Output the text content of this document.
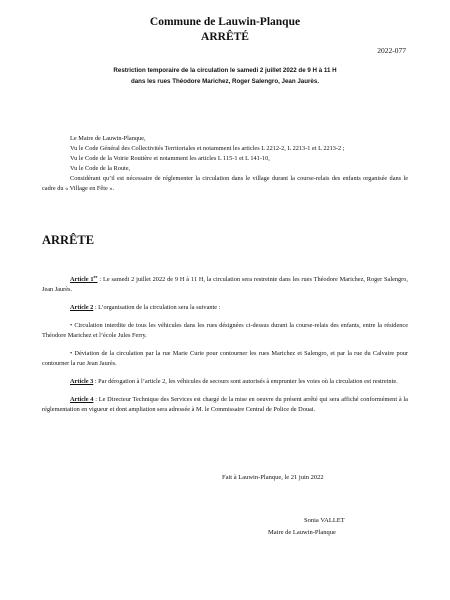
Commune de Lauwin-Planque
ARRÊTÉ
2022-077
Restriction temporaire de la circulation le samedi 2 juillet 2022 de 9 H à 11 H
dans les rues Théodore Marichez, Roger Salengro, Jean Jaurès.

Le Maire de Lauwin-Planque,

Vu le Code Général des Collectivités Territoriales et notamment les articles L 2212-2, L 2213-1 et L 2213-2 ;

Vu le Code de la Voirie Routière et notamment les articles L 115-1 et L 141-10,

Vu le Code de la Route,

Considérant qu’il est nécessaire de réglementer la circulation dans le village durant la course-relais des enfants organisée dans le cadre du « Village en Fête ».

ARRÊTE

Article 1er : Le samedi 2 juillet 2022 de 9 H à 11 H, la circulation sera restreinte dans les rues Théodore Marichez, Roger Salengro, Jean Jaurès.

Article 2 : L’organisation de la circulation sera la suivante :

• Circulation interdite de tous les véhicules dans les rues désignées ci-dessus durant la course-relais des enfants, entre la résidence Théodore Marichez et l’école Jules Ferry.

• Déviation de la circulation par la rue Marie Curie pour contourner les rues Marichez et Salengro, et par la rue du Calvaire pour contourner la rue Jean Jaurès.

Article 3 : Par dérogation à l’article 2, les véhicules de secours sont autorisés à emprunter les voies où la circulation est restreinte.

Article 4 : Le Directeur Technique des Services est chargé de la mise en oeuvre du présent arrêté qui sera affiché conformément à la réglementation en vigueur et dont ampliation sera adressée à M. le Commissaire Central de Police de Douai.

Fait à Lauwin-Planque, le 21 juin 2022
Sonia VALLET
Maire de Lauwin-Planque
